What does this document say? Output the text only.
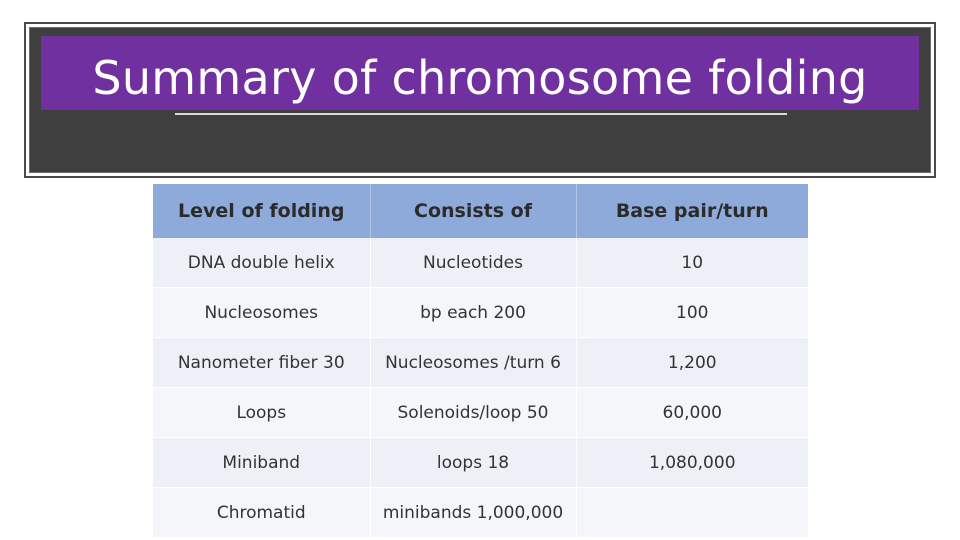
Summary of chromosome folding
Level of folding	Consists of	Base pair/turn
DNA double helix	Nucleotides	10
Nucleosomes	bp each 200	100
Nanometer fiber 30	Nucleosomes /turn 6	1,200
Loops	Solenoids/loop 50	60,000
Miniband	loops 18	1,080,000
Chromatid	minibands 1,000,000	
